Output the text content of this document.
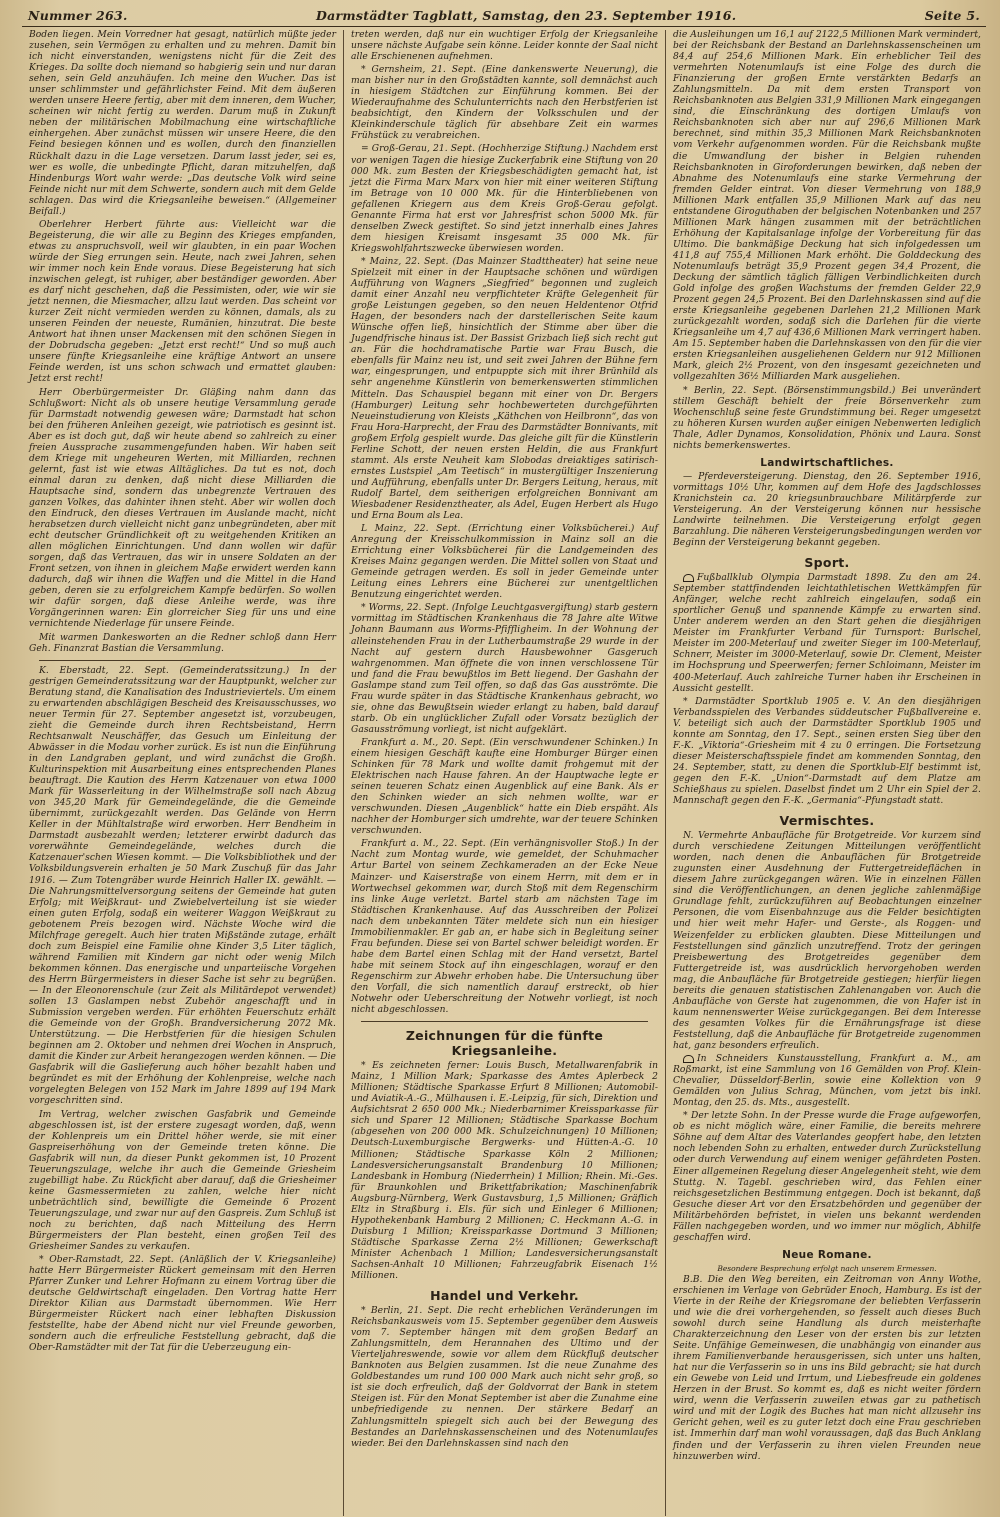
Nummer 263.	Darmstädter Tagblatt, Samstag, den 23. September 1916.	Seite 5.

Boden liegen. Mein Vorredner hat gesagt, natürlich müßte jeder zusehen, sein Vermögen zu erhalten und zu mehren. Damit bin ich nicht einverstanden, wenigstens nicht für die Zeit des Krieges. Da sollte doch niemand so habgierig sein und nur daran sehen, sein Geld anzuhäufen. Ich meine den Wucher. Das ist unser schlimmster und gefährlichster Feind. Mit dem äußeren werden unsere Heere fertig, aber mit dem inneren, dem Wucher, scheinen wir nicht fertig zu werden. Darum muß in Zukunft neben der militärischen Mobilmachung eine wirtschaftliche einhergehen. Aber zunächst müssen wir unsere Heere, die den Feind besiegen können und es wollen, durch den finanziellen Rückhalt dazu in die Lage versetzen. Darum lasst jeder, sei es, wer es wolle, die unbedingte Pflicht, daran mitzuhelfen, daß Hindenburgs Wort wahr werde: „Das deutsche Volk wird seine Feinde nicht nur mit dem Schwerte, sondern auch mit dem Gelde schlagen. Das wird die Kriegsanleihe beweisen.“ (Allgemeiner Beifall.)

Oberlehrer Herbert führte aus: Vielleicht war die Begeisterung, die wir alle zu Beginn des Krieges empfanden, etwas zu anspruchsvoll, weil wir glaubten, in ein paar Wochen würde der Sieg errungen sein. Heute, nach zwei Jahren, sehen wir immer noch kein Ende voraus. Diese Begeisterung hat sich inzwischen gelegt, ist ruhiger, aber beständiger geworden. Aber es darf nicht geschehen, daß die Pessimisten, oder, wie wir sie jetzt nennen, die Miesmacher, allzu laut werden. Das scheint vor kurzer Zeit nicht vermieden werden zu können, damals, als zu unseren Feinden der neueste, Rumänien, hinzutrat. Die beste Antwort hat ihnen unser Mackensen mit den schönen Siegen in der Dobrudscha gegeben: „Jetzt erst recht!“ Und so muß auch unsere fünfte Kriegsanleihe eine kräftige Antwort an unsere Feinde werden, ist uns schon schwach und ermattet glauben: Jetzt erst recht!

Herr Oberbürgermeister Dr. Gläßing nahm dann das Schlußwort: Nicht als ob unsere heutige Versammlung gerade für Darmstadt notwendig gewesen wäre; Darmstadt hat schon bei den früheren Anleihen gezeigt, wie patriotisch es gesinnt ist. Aber es ist doch gut, daß wir heute abend so zahlreich zu einer freien Aussprache zusammengefunden haben. Wir haben seit dem Kriege mit ungeheuren Werten, mit Milliarden, rechnen gelernt, fast ist wie etwas Alltägliches. Da tut es not, doch einmal daran zu denken, daß nicht diese Milliarden die Hauptsache sind, sondern das unbegrenzte Vertrauen des ganzen Volkes, das dahinter ihnen steht. Aber wir wollen doch den Eindruck, den dieses Vertrauen im Auslande macht, nicht herabsetzen durch vielleicht nicht ganz unbegründeten, aber mit echt deutscher Gründlichkeit oft zu weitgehenden Kritiken an allen möglichen Einrichtungen. Und dann wollen wir dafür sorgen, daß das Vertrauen, das wir in unsere Soldaten an der Front setzen, von ihnen in gleichem Maße erwidert werden kann dadurch, daß wir ihnen die Waffen und die Mittel in die Hand geben, deren sie zu erfolgreichem Kampfe bedürfen. So wollen wir dafür sorgen, daß diese Anleihe werde, was ihre Vorgängerinnen waren: Ein glorreicher Sieg für uns und eine vernichtende Niederlage für unsere Feinde.

Mit warmen Dankesworten an die Redner schloß dann Herr Geh. Finanzrat Bastian die Versammlung.

K. Eberstadt, 22. Sept. (Gemeinderatssitzung.) In der gestrigen Gemeinderatssitzung war der Hauptpunkt, welcher zur Beratung stand, die Kanalisation des Industrieviertels. Um einem zu erwartenden abschlägigen Bescheid des Kreisausschusses, wo neuer Termin für 27. September angesetzt ist, vorzubeugen, zieht die Gemeinde durch ihren Rechtsbeistand, Herrn Rechtsanwalt Neuschäffer, das Gesuch um Einleitung der Abwässer in die Modau vorher zurück. Es ist nun die Einführung in den Landgraben geplant, und wird zunächst die Großh. Kulturinspektion mit Ausarbeitung eines entsprechenden Planes beauftragt. Die Kaution des Herrn Katzenauer von etwa 1000 Mark für Wasserleitung in der Wilhelmstraße soll nach Abzug von 345,20 Mark für Gemeindegelände, die die Gemeinde übernimmt, zurückgezahlt werden. Das Gelände von Herrn Keller in der Mühltalstraße wird erworben. Herr Bendheim in Darmstadt ausbezahlt werden; letzterer erwirbt dadurch das vorerwähnte Gemeindegelände, welches durch die Katzenauer'schen Wiesen kommt. — Die Volksbibliothek und der Volksbildungsverein erhalten je 50 Mark Zuschuß für das Jahr 1916. — Zum Totengräber wurde Heinrich Haller IX. gewählt. — Die Nahrungsmittelversorgung seitens der Gemeinde hat guten Erfolg; mit Weißkraut- und Zwiebelverteilung ist sie wieder einen guten Erfolg, sodaß ein weiterer Waggon Weißkraut zu gebotenem Preis bezogen wird. Nächste Woche wird die Milchfrage geregelt. Auch hier traten Mißstände zutage, erhält doch zum Beispiel eine Familie ohne Kinder 3,5 Liter täglich, während Familien mit Kindern gar nicht oder wenig Milch bekommen können. Das energische und unparteiische Vorgehen des Herrn Bürgermeisters in dieser Sache ist sehr zu begrüßen. — In der Eleonorenschule (zur Zeit als Militärdepot verwendet) sollen 13 Gaslampen nebst Zubehör angeschafft und in Submission vergeben werden. Für erhöhten Feuerschutz erhält die Gemeinde von der Großh. Brandversicherung 2072 Mk. Unterstützung. — Die Herbstferien für die hiesigen Schulen beginnen am 2. Oktober und nehmen drei Wochen in Anspruch, damit die Kinder zur Arbeit herangezogen werden können. — Die Gasfabrik will die Gaslieferung auch höher bezahlt haben und begründet es mit der Erhöhung der Kohlenpreise, welche nach vorgelegten Belegen von 152 Mark im Jahre 1899 auf 194 Mark vorgeschritten sind.

Im Vertrag, welcher zwischen Gasfabrik und Gemeinde abgeschlossen ist, ist der erstere zugesagt worden, daß, wenn der Kohlenpreis um ein Drittel höher werde, sie mit einer Gaspreiserhöhung von der Gemeinde treten könne. Die Gasfabrik will nun, da dieser Punkt gekommen ist, 10 Prozent Teuerungszulage, welche ihr auch die Gemeinde Griesheim zugebilligt habe. Zu Rückficht aber darauf, daß die Griesheimer keine Gasmessermieten zu zahlen, welche hier nicht unbeträchtlich sind, bewilligte die Gemeinde 6 Prozent Teuerungszulage, und zwar nur auf den Gaspreis. Zum Schluß ist noch zu berichten, daß nach Mitteilung des Herrn Bürgermeisters der Plan besteht, einen großen Teil des Griesheimer Sandes zu verkaufen.

* Ober-Ramstadt, 22. Sept. (Anläßlich der V. Kriegsanleihe) hatte Herr Bürgermeister Rückert gemeinsam mit den Herren Pfarrer Zunker und Lehrer Hofmann zu einem Vortrag über die deutsche Geldwirtschaft eingeladen. Den Vortrag hatte Herr Direktor Kilian aus Darmstadt übernommen. Wie Herr Bürgermeister Rückert nach einer lebhaften Diskussion feststellte, habe der Abend nicht nur viel Freunde geworben, sondern auch die erfreuliche Feststellung gebracht, daß die Ober-Ramstädter mit der Tat für die Ueberzeugung ein-

treten werden, daß nur ein wuchtiger Erfolg der Kriegsanleihe unsere nächste Aufgabe sein könne. Leider konnte der Saal nicht alle Erschienenen aufnehmen.

* Gernsheim, 21. Sept. (Eine dankenswerte Neuerung), die man bisher nur in den Großstädten kannte, soll demnächst auch in hiesigem Städtchen zur Einführung kommen. Bei der Wiederaufnahme des Schulunterrichts nach den Herbstferien ist beabsichtigt, den Kindern der Volksschulen und der Kleinkinderschule täglich für absehbare Zeit ein warmes Frühstück zu verabreichen.

= Groß-Gerau, 21. Sept. (Hochherzige Stiftung.) Nachdem erst vor wenigen Tagen die hiesige Zuckerfabrik eine Stiftung von 20 000 Mk. zum Besten der Kriegsbeschädigten gemacht hat, ist jetzt die Firma Marx Marx von hier mit einer weiteren Stiftung im Betrage von 10 000 Mk. für die Hinterbliebenen von gefallenen Kriegern aus dem Kreis Groß-Gerau gefolgt. Genannte Firma hat erst vor Jahresfrist schon 5000 Mk. für denselben Zweck gestiftet. So sind jetzt innerhalb eines Jahres dem hiesigen Kreisamt insgesamt 35 000 Mk. für Kriegswohlfahrtszwecke überwiesen worden.

* Mainz, 22. Sept. (Das Mainzer Stadttheater) hat seine neue Spielzeit mit einer in der Hauptsache schönen und würdigen Aufführung von Wagners „Siegfried“ begonnen und zugleich damit einer Anzahl neu verpflichteter Kräfte Gelegenheit für große Leistungen gegeben, so den neuen Heldentenor Otfrid Hagen, der besonders nach der darstellerischen Seite kaum Wünsche offen ließ, hinsichtlich der Stimme aber über die Jugendfrische hinaus ist. Der Bassist Grizbach ließ sich recht gut an. Für die hochdramatische Partie war Frau Busch, die ebenfalls für Mainz neu ist, und seit zwei Jahren der Bühne fern war, eingesprungen, und entpuppte sich mit ihrer Brünhild als sehr angenehme Künstlerin von bemerkenswerten stimmlichen Mitteln. Das Schauspiel begann mit einer von Dr. Bergers (Hamburger) Leitung sehr hochbewerteten durchgeführten Neueinstudierung von Kleists „Käthchen von Heilbronn“, das von Frau Hora-Harprecht, der Frau des Darmstädter Bonnivants, mit großem Erfolg gespielt wurde. Das gleiche gilt für die Künstlerin Ferline Schott, der neuen ersten Heldin, die aus Frankfurt stammt. Als erste Neuheit kam Slobodas dreiaktiges satirisch-ernstes Lustspiel „Am Teetisch“ in mustergültiger Inszenierung und Aufführung, ebenfalls unter Dr. Bergers Leitung, heraus, mit Rudolf Bartel, dem seitherigen erfolgreichen Bonnivant am Wiesbadener Residenztheater, als Adel, Eugen Herbert als Hugo und Erna Boum als Lea.

L Mainz, 22. Sept. (Errichtung einer Volksbücherei.) Auf Anregung der Kreisschulkommission in Mainz soll an die Errichtung einer Volksbücherei für die Landgemeinden des Kreises Mainz gegangen werden. Die Mittel sollen von Staat und Gemeinde getragen werden. Es soll in jeder Gemeinde unter Leitung eines Lehrers eine Bücherei zur unentgeltlichen Benutzung eingerichtet werden.

* Worms, 22. Sept. (Infolge Leuchtgasvergiftung) starb gestern vormittag im Städtischen Krankenhaus die 78 Jahre alte Witwe Johann Baumann aus Worms-Pfiffligheim. In der Wohnung der alleinstehenden Frau in der Lutherbaumstraße 29 wurde in der Nacht auf gestern durch Hausbewohner Gasgeruch wahrgenommen. Man öffnete die von innen verschlossene Tür und fand die Frau bewußtlos im Bett liegend. Der Gashahn der Gaslampe stand zum Teil offen, so daß das Gas ausströmte. Die Frau wurde später in das Städtische Krankenhaus gebracht, wo sie, ohne das Bewußtsein wieder erlangt zu haben, bald darauf starb. Ob ein unglücklicher Zufall oder Vorsatz bezüglich der Gasausströmung vorliegt, ist nicht aufgeklärt.

Frankfurt a. M., 20. Sept. (Ein verschwundener Schinken.) In einem hiesigen Geschäft kaufte eine Homburger Bürger einen Schinken für 78 Mark und wollte damit frohgemut mit der Elektrischen nach Hause fahren. An der Hauptwache legte er seinen teueren Schatz einen Augenblick auf eine Bank. Als er den Schinken wieder an sich nehmen wollte, war er verschwunden. Diesen „Augenblick“ hatte ein Dieb erspäht. Als nachher der Homburger sich umdrehte, war der teuere Schinken verschwunden.

Frankfurt a. M., 22. Sept. (Ein verhängnisvoller Stoß.) In der Nacht zum Montag wurde, wie gemeldet, der Schuhmacher Artur Bartel von seinem Zechkameraden an der Ecke Neue Mainzer- und Kaiserstraße von einem Herrn, mit dem er in Wortwechsel gekommen war, durch Stoß mit dem Regenschirm ins linke Auge verletzt. Bartel starb am nächsten Tage im Städtischen Krankenhause. Auf das Ausschreiben der Polizei nach dem unbekannten Täter meldete sich nun ein hiesiger Immobilienmakler. Er gab an, er habe sich in Begleitung seiner Frau befunden. Diese sei von Bartel schwer beleidigt worden. Er habe dem Bartel einen Schlag mit der Hand versetzt, Bartel habe mit seinem Stock auf ihn eingeschlagen, worauf er den Regenschirm zur Abwehr erhoben habe. Die Untersuchung über den Vorfall, die sich namentlich darauf erstreckt, ob hier Notwehr oder Ueberschreitung der Notwehr vorliegt, ist noch nicht abgeschlossen.

Zeichnungen für die fünfte Kriegsanleihe.

* Es zeichneten ferner: Louis Busch, Metallwarenfabrik in Mainz, 1 Million Mark; Sparkasse des Amtes Aplerbeck 2 Millionen; Städtische Sparkasse Erfurt 8 Millionen; Automobil- und Aviatik-A.-G., Mülhausen i. E.-Leipzig, für sich, Direktion und Aufsichtsrat 2 650 000 Mk.; Niederbarnimer Kreissparkasse für sich und Sparer 12 Millionen; Städtische Sparkasse Bochum (abgesehen von 200 000 Mk. Schulzeichnungen) 10 Millionen; Deutsch-Luxemburgische Bergwerks- und Hütten-A.-G. 10 Millionen; Städtische Sparkasse Köln 2 Millionen; Landesversicherungsanstalt Brandenburg 10 Millionen; Landesbank in Homburg (Niederrhein) 1 Million; Rhein. Mi.-Ges. für Braunkohlen und Brikettfabrikation; Maschinenfabrik Augsburg-Nürnberg, Werk Gustavsburg, 1,5 Millionen; Gräflich Eltz in Straßburg i. Els. für sich und Einleger 6 Millionen; Hypothekenbank Hamburg 2 Millionen; C. Heckmann A.-G. in Duisburg 1 Million; Kreissparkasse Dortmund 3 Millionen; Städtische Sparkasse Zerna 2½ Millionen; Gewerkschaft Minister Achenbach 1 Million; Landesversicherungsanstalt Sachsen-Anhalt 10 Millionen; Fahrzeugfabrik Eisenach 1½ Millionen.

Handel und Verkehr.

* Berlin, 21. Sept. Die recht erheblichen Veränderungen im Reichsbankausweis vom 15. September gegenüber dem Ausweis vom 7. September hängen mit dem großen Bedarf an Zahlungsmitteln, dem Herannahen des Ultimo und der Vierteljahreswende, sowie vor allem dem Rückfluß deutscher Banknoten aus Belgien zusammen. Ist die neue Zunahme des Goldbestandes um rund 100 000 Mark auch nicht sehr groß, so ist sie doch erfreulich, daß der Goldvorrat der Bank in stetem Steigen ist. Für den Monat September ist aber die Zunahme eine unbefriedigende zu nennen. Der stärkere Bedarf an Zahlungsmitteln spiegelt sich auch bei der Bewegung des Bestandes an Darlehnskassenscheinen und des Notenumlaufes wieder. Bei den Darlehnskassen sind nach den

die Ausleihungen um 16,1 auf 2122,5 Millionen Mark vermindert, bei der Reichsbank der Bestand an Darlehnskassenscheinen um 84,4 auf 254,6 Millionen Mark. Ein erheblicher Teil des vermehrten Notenumlaufs ist eine Folge des durch die Finanzierung der großen Ernte verstärkten Bedarfs an Zahlungsmitteln. Da mit dem ersten Transport von Reichsbanknoten aus Belgien 331,9 Millionen Mark eingegangen sind, die Einschränkung des dortigen Umlaufs von Reichsbanknoten sich aber nur auf 296,6 Millionen Mark berechnet, sind mithin 35,3 Millionen Mark Reichsbanknoten vom Verkehr aufgenommen worden. Für die Reichsbank mußte die Umwandlung der bisher in Belgien ruhenden Reichsbanknoten in Giroforderungen bewirken, daß neben der Abnahme des Notenumlaufs eine starke Vermehrung der fremden Gelder eintrat. Von dieser Vermehrung von 188,9 Millionen Mark entfallen 35,9 Millionen Mark auf das neu entstandene Giroguthaben der belgischen Notenbanken und 257 Millionen Mark hängen zusammen mit der beträchtlichen Erhöhung der Kapitalsanlage infolge der Vorbereitung für das Ultimo. Die bankmäßige Deckung hat sich infolgedessen um 411,8 auf 755,4 Millionen Mark erhöht. Die Golddeckung des Notenumlaufs beträgt 35,9 Prozent gegen 34,4 Prozent, die Deckung der sämtlich täglich fälligen Verbindlichkeiten durch Gold infolge des großen Wachstums der fremden Gelder 22,9 Prozent gegen 24,5 Prozent. Bei den Darlehnskassen sind auf die erste Kriegsanleihe gegebenen Darlehen 21,2 Millionen Mark zurückgezahlt worden, sodaß sich die Darlehen für die vierte Kriegsanleihe um 4,7 auf 436,6 Millionen Mark verringert haben. Am 15. September haben die Darlehnskassen von den für die vier ersten Kriegsanleihen ausgeliehenen Geldern nur 912 Millionen Mark, gleich 2½ Prozent, von den insgesamt gezeichneten und vollgezahlten 36½ Milliarden Mark ausgeliehen.

* Berlin, 22. Sept. (Börsenstimmungsbild.) Bei unverändert stillem Geschäft behielt der freie Börsenverkehr zum Wochenschluß seine feste Grundstimmung bei. Reger umgesetzt zu höheren Kursen wurden außer einigen Nebenwerten lediglich Thale, Adler Dynamos, Konsolidation, Phönix und Laura. Sonst nichts bemerkenswertes.

Landwirtschaftliches.

— Pferdeversteigerung. Dienstag, den 26. September 1916, vormittags 10½ Uhr, kommen auf dem Hofe des Jagdschlosses Kranichstein ca. 20 kriegsunbrauchbare Militärpferde zur Versteigerung. An der Versteigerung können nur hessische Landwirte teilnehmen. Die Versteigerung erfolgt gegen Barzahlung. Die näheren Versteigerungsbedingungen werden vor Beginn der Versteigerung bekannt gegeben.

Sport.

Fußballklub Olympia Darmstadt 1898. Zu den am 24. September stattfindenden leichtathletischen Wettkämpfen für Anfänger, welche recht zahlreich eingelaufen, sodaß ein sportlicher Genuß und spannende Kämpfe zu erwarten sind. Unter anderem werden an den Start gehen die diesjährigen Meister im Frankfurter Verband für Turnsport: Burlschel, Meister im 200-Meterlauf und zweiter Sieger im 100-Meterlauf, Schnerr, Meister im 3000-Meterlauf, sowie Dr. Clement, Meister im Hochsprung und Speerwerfen; ferner Schloimann, Meister im 400-Meterlauf. Auch zahlreiche Turner haben ihr Erscheinen in Aussicht gestellt.

* Darmstädter Sportklub 1905 e. V. An den diesjährigen Verbandsspielen des Verbandes süddeutscher Fußballvereine e. V. beteiligt sich auch der Darmstädter Sportklub 1905 und konnte am Sonntag, den 17. Sept., seinen ersten Sieg über den F.-K. „Viktoria“-Griesheim mit 4 zu 0 erringen. Die Fortsetzung dieser Meisterschaftsspiele findet am kommenden Sonntag, den 24. September, statt, zu denen die Sportklub-Elf bestimmt ist, gegen den F.-K. „Union“-Darmstadt auf dem Platze am Schießhaus zu spielen. Daselbst findet um 2 Uhr ein Spiel der 2. Mannschaft gegen den F.-K. „Germania“-Pfungstadt statt.

Vermischtes.

N. Vermehrte Anbaufläche für Brotgetreide. Vor kurzem sind durch verschiedene Zeitungen Mitteilungen veröffentlicht worden, nach denen die Anbauflächen für Brotgetreide zugunsten einer Ausdehnung der Futtergetreideflächen in diesem Jahre zurückgegangen wären. Wie in einzelnen Fällen sind die Veröffentlichungen, an denen jegliche zahlenmäßige Grundlage fehlt, zurückzuführen auf Beobachtungen einzelner Personen, die vom Eisenbahnzuge aus die Felder besichtigten und hier weit mehr Hafer- und Gerste-, als Roggen- und Weizenfelder zu erblicken glaubten. Diese Mitteilungen und Feststellungen sind gänzlich unzutreffend. Trotz der geringen Preisbewertung des Brotgetreides gegenüber dem Futtergetreide ist, was ausdrücklich hervorgehoben werden mag, die Anbaufläche für Brotgetreide gestiegen; hierfür liegen bereits die genauen statistischen Zahlenangaben vor. Auch die Anbaufläche von Gerste hat zugenommen, die von Hafer ist in kaum nennenswerter Weise zurückgegangen. Bei dem Interesse des gesamten Volkes für die Ernährungsfrage ist diese Feststellung, daß die Anbaufläche für Brotgetreide zugenommen hat, ganz besonders erfreulich.

In Schneiders Kunstausstellung, Frankfurt a. M., am Roßmarkt, ist eine Sammlung von 16 Gemälden von Prof. Klein-Chevalier, Düsseldorf-Berlin, sowie eine Kollektion von 9 Gemälden von Julius Schrag, München, vom jetzt bis inkl. Montag, den 25. ds. Mts., ausgestellt.

* Der letzte Sohn. In der Presse wurde die Frage aufgeworfen, ob es nicht möglich wäre, einer Familie, die bereits mehrere Söhne auf dem Altar des Vaterlandes geopfert habe, den letzten noch lebenden Sohn zu erhalten, entweder durch Zurückstellung oder durch Verwendung auf einem weniger gefährdeten Posten. Einer allgemeinen Regelung dieser Angelegenheit steht, wie dem Stuttg. N. Tagebl. geschrieben wird, das Fehlen einer reichsgesetzlichen Bestimmung entgegen. Doch ist bekannt, daß Gesuche dieser Art vor den Ersatzbehörden und gegenüber der Militärbehörden befristet, in vielen uns bekannt werdenden Fällen nachgegeben worden, und wo immer nur möglich, Abhilfe geschaffen wird.

Neue Romane.
Besondere Besprechung erfolgt nach unserem Ermessen.

B.B. Die den Weg bereiten, ein Zeitroman von Anny Wothe, erschienen im Verlage von Gebrüder Enoch, Hamburg. Es ist der Vierte in der Reihe der Kriegsromane der beliebten Verfasserin und wie die drei vorhergehenden, so fesselt auch dieses Buch sowohl durch seine Handlung als durch meisterhafte Charakterzeichnung den Leser von der ersten bis zur letzten Seite. Unfähige Gemeinwesen, die unabhängig von einander aus ihrem Familienverbande herausgerissen, sich unter uns halten, hat nur die Verfasserin so in uns ins Bild gebracht; sie hat durch ein Gewebe von Leid und Irrtum, und Liebesfreude ein goldenes Herzen in der Brust. So kommt es, daß es nicht weiter fördern wird, wenn die Verfasserin zuweilen etwas gar zu pathetisch wird und mit der Logik des Buches hat man nicht allzusehr ins Gericht gehen, weil es zu guter letzt doch eine Frau geschrieben ist. Immerhin darf man wohl voraussagen, daß das Buch Anklang finden und der Verfasserin zu ihren vielen Freunden neue hinzuwerben wird.
